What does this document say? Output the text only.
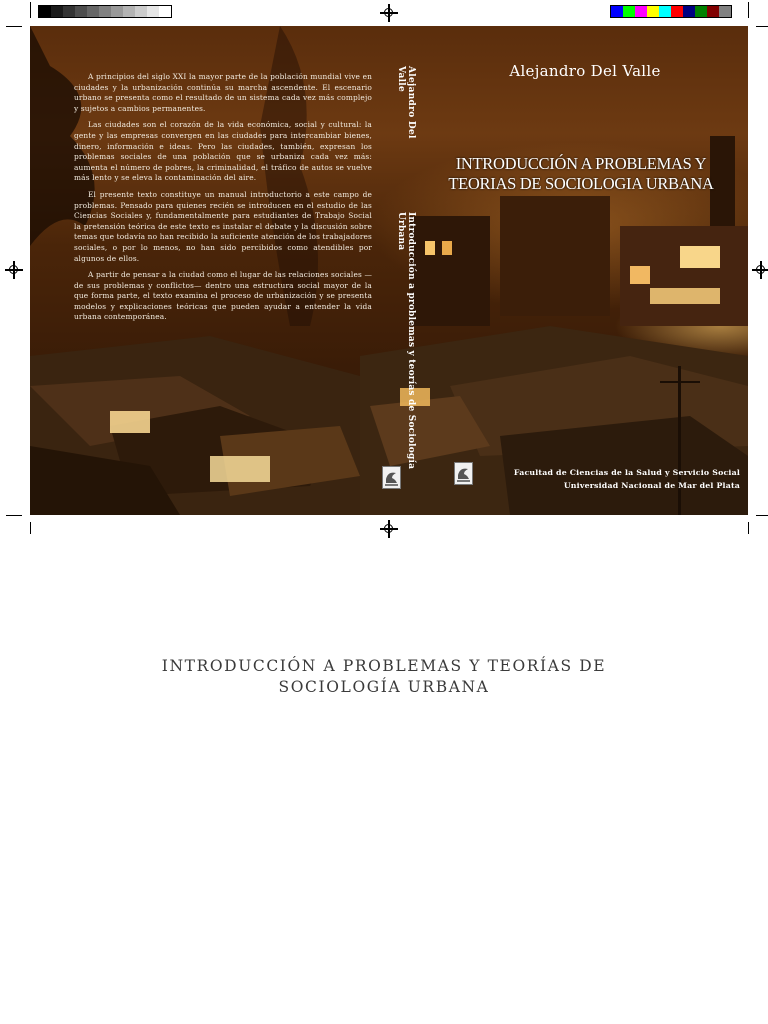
A principios del siglo XXI la mayor parte de la población mundial vive en ciudades y la urbanización continúa su marcha ascendente. El escenario urbano se presenta como el resultado de un sistema cada vez más complejo y sujetos a cambios permanentes.

Las ciudades son el corazón de la vida económica, social y cultural: la gente y las empresas convergen en las ciudades para intercambiar bienes, dinero, información e ideas. Pero las ciudades, también, expresan los problemas sociales de una población que se urbaniza cada vez más: aumenta el número de pobres, la criminalidad, el tráfico de autos se vuelve más lento y se eleva la contaminación del aire.

El presente texto constituye un manual introductorio a este campo de problemas. Pensado para quienes recién se introducen en el estudio de las Ciencias Sociales y, fundamentalmente para estudiantes de Trabajo Social la pretensión teórica de este texto es instalar el debate y la discusión sobre temas que todavía no han recibido la suficiente atención de los trabajadores sociales, o por lo menos, no han sido percibidos como atendibles por algunos de ellos.

A partir de pensar a la ciudad como el lugar de las relaciones sociales —de sus problemas y conflictos— dentro una estructura social mayor de la que forma parte, el texto examina el proceso de urbanización y se presenta modelos y explicaciones teóricas que pueden ayudar a entender la vida urbana contemporánea.

Alejandro Del Valle
Introducción a problemas y teorías de Sociología Urbana
Alejandro Del Valle
INTRODUCCIÓN A PROBLEMAS Y
TEORIAS DE SOCIOLOGIA URBANA
Facultad de Ciencias de la Salud y Servicio Social
Universidad Nacional de Mar del Plata
INTRODUCCIÓN A PROBLEMAS Y TEORÍAS DE
SOCIOLOGÍA URBANA
